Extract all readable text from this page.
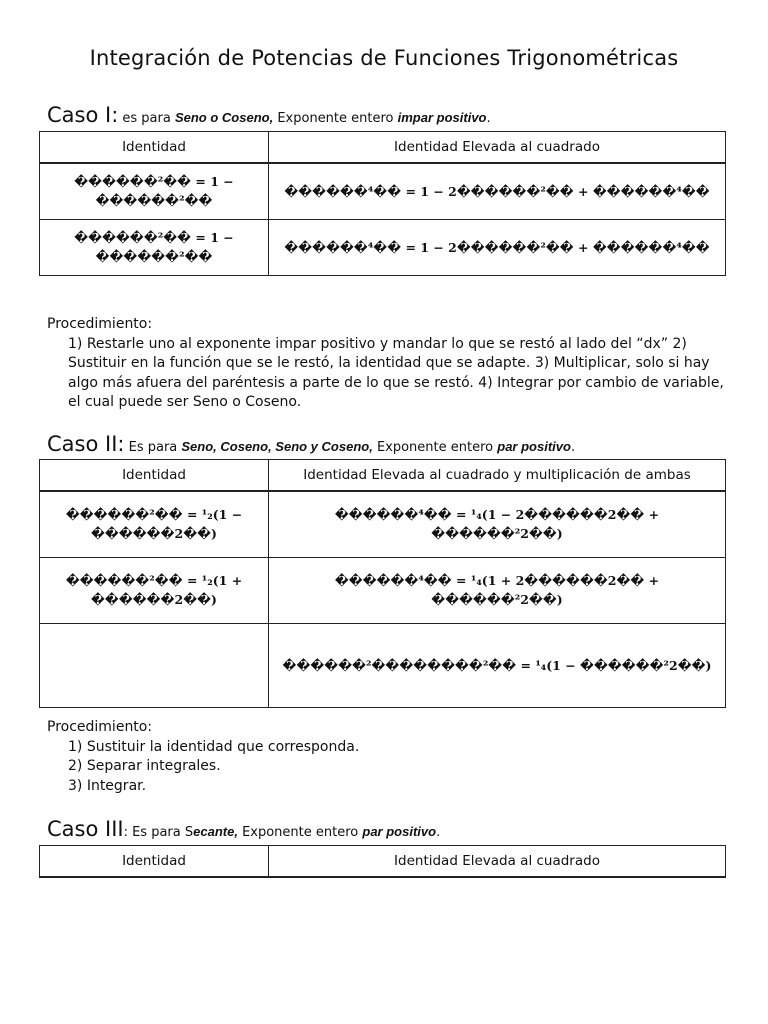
Integración de Potencias de Funciones Trigonométricas
Caso I: es para Seno o Coseno, Exponente entero impar positivo.
Identidad	Identidad Elevada al cuadrado
������²�� = 1 − ������²��	������⁴�� = 1 − 2������²�� + ������⁴��
������²�� = 1 − ������²��	������⁴�� = 1 − 2������²�� + ������⁴��
Procedimiento:
1) Restarle uno al exponente impar positivo y mandar lo que se restó al lado del “dx” 2) Sustituir en la función que se le restó, la identidad que se adapte. 3) Multiplicar, solo si hay algo más afuera del paréntesis a parte de lo que se restó. 4) Integrar por cambio de variable, el cual puede ser Seno o Coseno.
Caso II: Es para Seno, Coseno, Seno y Coseno, Exponente entero par positivo.
Identidad	Identidad Elevada al cuadrado y multiplicación de ambas
������²�� = ¹₂(1 − ������2��)	������⁴�� = ¹₄(1 − 2������2�� + ������²2��)
������²�� = ¹₂(1 + ������2��)	������⁴�� = ¹₄(1 + 2������2�� + ������²2��)
	������²��������²�� = ¹₄(1 − ������²2��)
Procedimiento:
1) Sustituir la identidad que corresponda.
2) Separar integrales.
3) Integrar.
Caso III: Es para Secante, Exponente entero par positivo.
Identidad	Identidad Elevada al cuadrado
